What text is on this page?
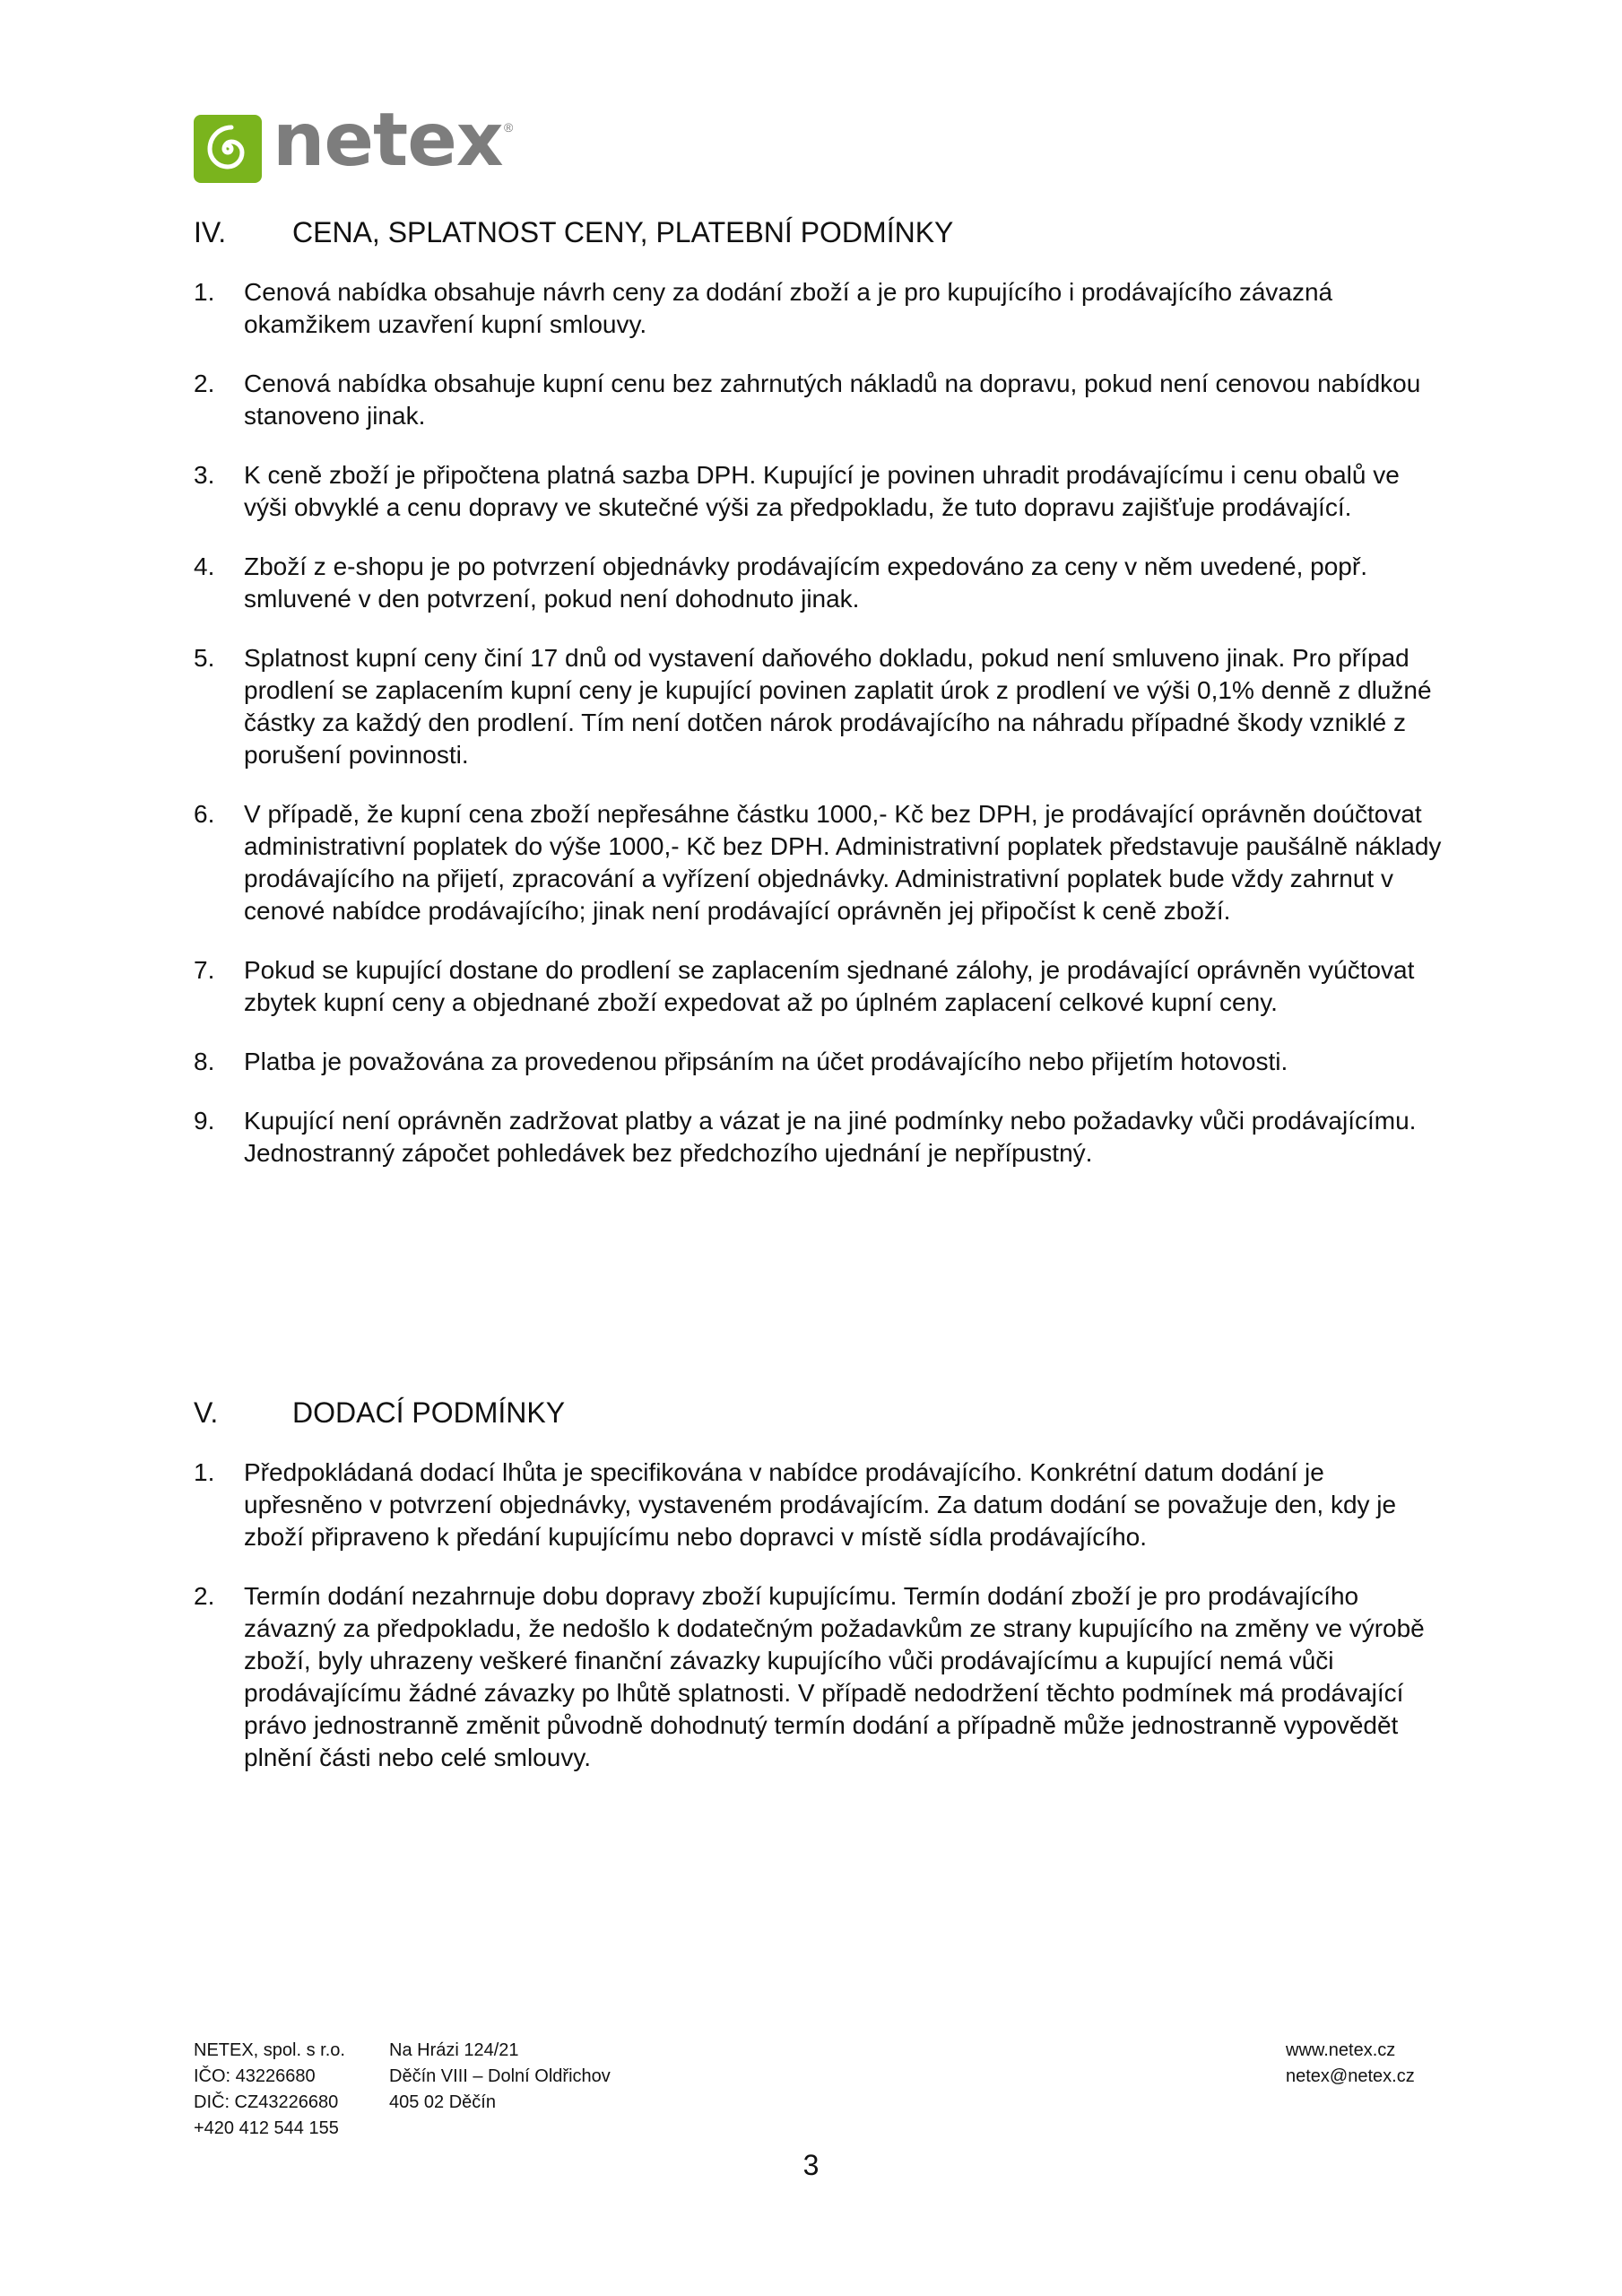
netex ®
IV.	CENA, SPLATNOST CENY, PLATEBNÍ PODMÍNKY
1.	Cenová nabídka obsahuje návrh ceny za dodání zboží a je pro kupujícího i prodávajícího závazná okamžikem uzavření kupní smlouvy.
2.	Cenová nabídka obsahuje kupní cenu bez zahrnutých nákladů na dopravu, pokud není cenovou nabídkou stanoveno jinak.
3.	K ceně zboží je připočtena platná sazba DPH. Kupující je povinen uhradit prodávajícímu i cenu obalů ve výši obvyklé a cenu dopravy ve skutečné výši za předpokladu, že tuto dopravu zajišťuje prodávající.
4.	Zboží z e-shopu je po potvrzení objednávky prodávajícím expedováno za ceny v něm uvedené, popř. smluvené v den potvrzení, pokud není dohodnuto jinak.
5.	Splatnost kupní ceny činí 17 dnů od vystavení daňového dokladu, pokud není smluveno jinak. Pro případ prodlení se zaplacením kupní ceny je kupující povinen zaplatit úrok z prodlení ve výši 0,1% denně z dlužné částky za každý den prodlení. Tím není dotčen nárok prodávajícího na náhradu případné škody vzniklé z porušení povinnosti.
6.	V případě, že kupní cena zboží nepřesáhne částku 1000,- Kč bez DPH, je prodávající oprávněn doúčtovat administrativní poplatek do výše 1000,- Kč bez DPH. Administrativní poplatek představuje paušálně náklady prodávajícího na přijetí, zpracování a vyřízení objednávky. Administrativní poplatek bude vždy zahrnut v cenové nabídce prodávajícího; jinak není prodávající oprávněn jej připočíst k ceně zboží.
7.	Pokud se kupující dostane do prodlení se zaplacením sjednané zálohy, je prodávající oprávněn vyúčtovat zbytek kupní ceny a objednané zboží expedovat až po úplném zaplacení celkové kupní ceny.
8.	Platba je považována za provedenou připsáním na účet prodávajícího nebo přijetím hotovosti.
9.	Kupující není oprávněn zadržovat platby a vázat je na jiné podmínky nebo požadavky vůči prodávajícímu. Jednostranný zápočet pohledávek bez předchozího ujednání je nepřípustný.
V.	DODACÍ PODMÍNKY
1.	Předpokládaná dodací lhůta je specifikována v nabídce prodávajícího. Konkrétní datum dodání je upřesněno v potvrzení objednávky, vystaveném prodávajícím. Za datum dodání se považuje den, kdy je zboží připraveno k předání kupujícímu nebo dopravci v místě sídla prodávajícího.
2.	Termín dodání nezahrnuje dobu dopravy zboží kupujícímu. Termín dodání zboží je pro prodávajícího závazný za předpokladu, že nedošlo k dodatečným požadavkům ze strany kupujícího na změny ve výrobě zboží, byly uhrazeny veškeré finanční závazky kupujícího vůči prodávajícímu a kupující nemá vůči prodávajícímu žádné závazky po lhůtě splatnosti. V případě nedodržení těchto podmínek má prodávající právo jednostranně změnit původně dohodnutý termín dodání a případně může jednostranně vypovědět plnění části nebo celé smlouvy.
NETEX, spol. s r.o.
IČO: 43226680
DIČ: CZ43226680
+420 412 544 155
Na Hrázi 124/21
Děčín VIII – Dolní Oldřichov
405 02 Děčín
www.netex.cz
netex@netex.cz
3
